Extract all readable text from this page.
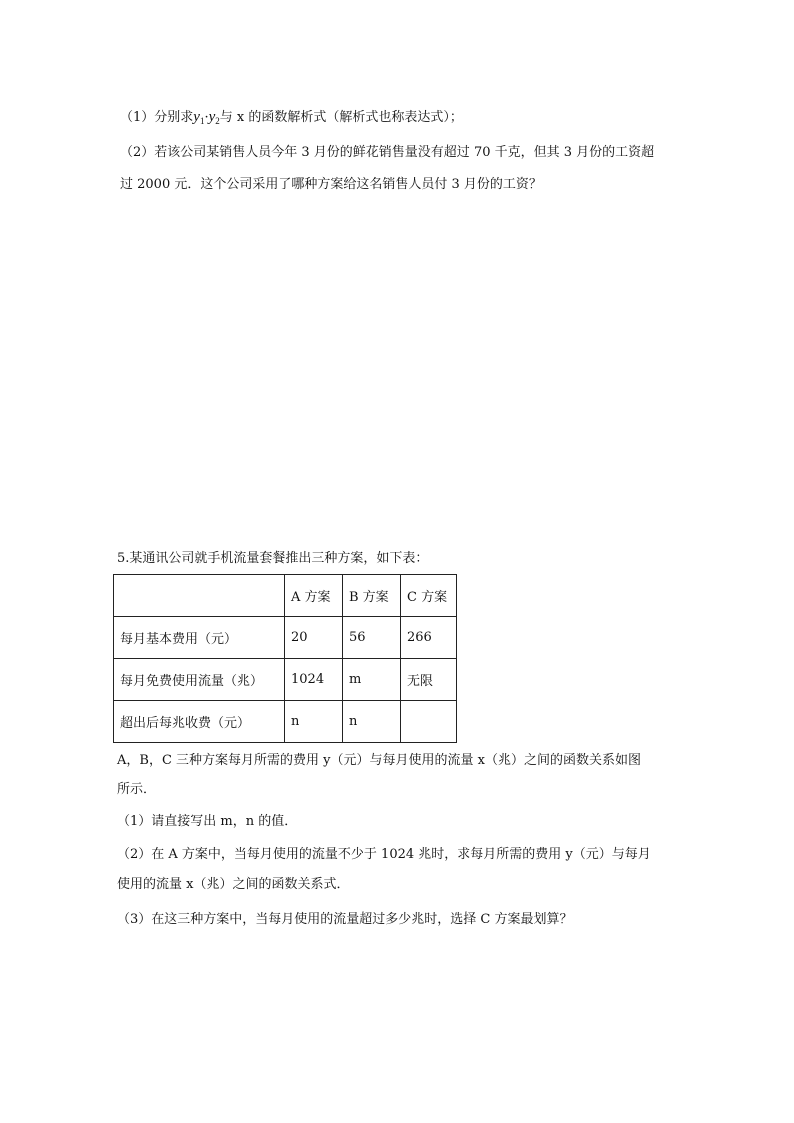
（1）分别求$y_1\cdot y_2$与 x 的函数解析式（解析式也称表达式）；
（2）若该公司某销售人员今年 3 月份的鲜花销售量没有超过 70 千克，但其 3 月份的工资超
过 2000 元．这个公司采用了哪种方案给这名销售人员付 3 月份的工资？
5.某通讯公司就手机流量套餐推出三种方案，如下表：
	A 方案	B 方案	C 方案
每月基本费用（元）	20	56	266
每月免费使用流量（兆）	1024	m	无限
超出后每兆收费（元）	n	n	
A，B，C 三种方案每月所需的费用 y（元）与每月使用的流量 x（兆）之间的函数关系如图
所示．
（1）请直接写出 m，n 的值．
（2）在 A 方案中，当每月使用的流量不少于 1024 兆时，求每月所需的费用 y（元）与每月
使用的流量 x（兆）之间的函数关系式．
（3）在这三种方案中，当每月使用的流量超过多少兆时，选择 C 方案最划算？
